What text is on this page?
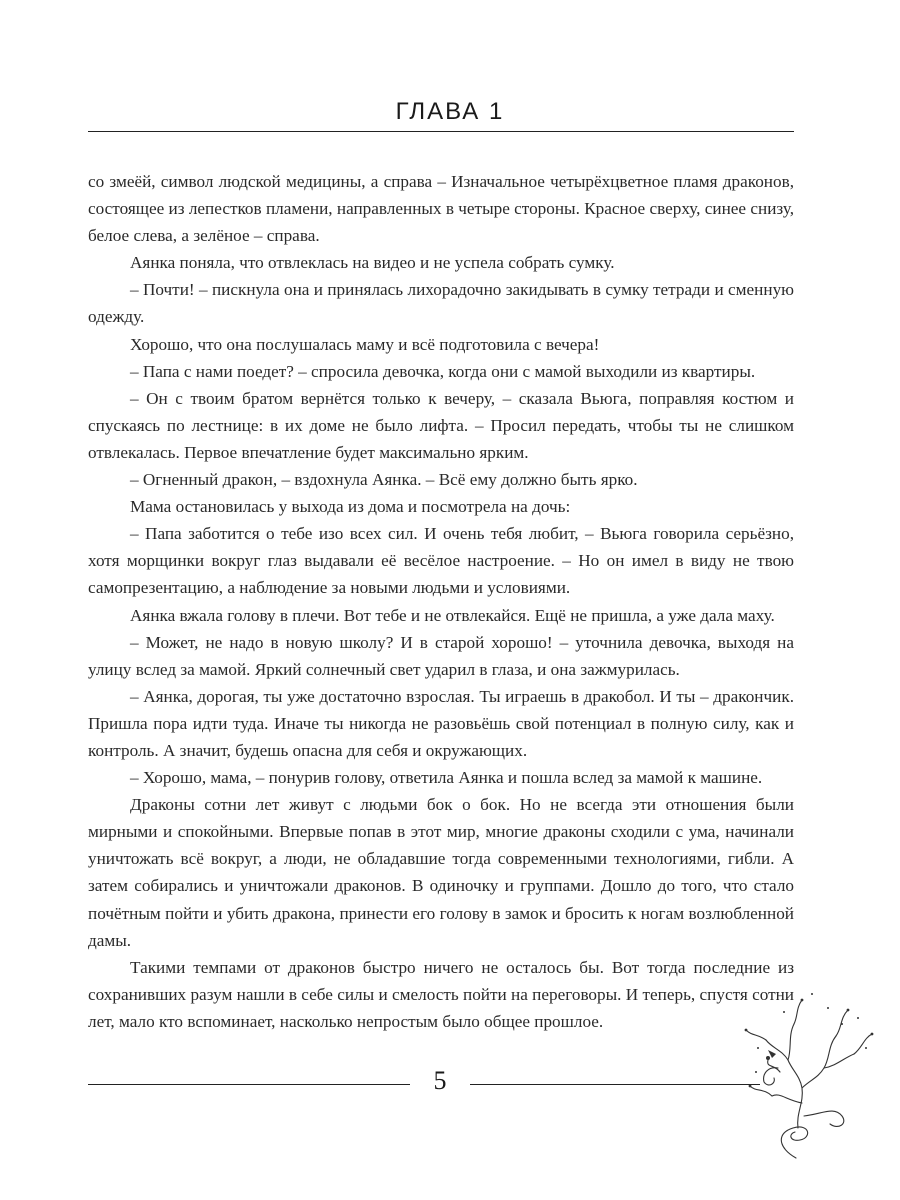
ГЛАВА 1

со змеёй, символ людской медицины, а справа – Изначальное четырёхцветное пламя драконов, состоящее из лепестков пламени, направленных в четыре стороны. Красное сверху, синее снизу, белое слева, а зелёное – справа.

Аянка поняла, что отвлеклась на видео и не успела собрать сумку.

– Почти! – пискнула она и принялась лихорадочно закидывать в сумку тетради и сменную одежду.

Хорошо, что она послушалась маму и всё подготовила с вечера!

– Папа с нами поедет? – спросила девочка, когда они с мамой выходили из квартиры.

– Он с твоим братом вернётся только к вечеру, – сказала Вьюга, поправляя костюм и спускаясь по лестнице: в их доме не было лифта. – Просил передать, чтобы ты не слишком отвлекалась. Первое впечатление будет максимально ярким.

– Огненный дракон, – вздохнула Аянка. – Всё ему должно быть ярко.

Мама остановилась у выхода из дома и посмотрела на дочь:

– Папа заботится о тебе изо всех сил. И очень тебя любит, – Вьюга говорила серьёзно, хотя морщинки вокруг глаз выдавали её весёлое настроение. – Но он имел в виду не твою самопрезентацию, а наблюдение за новыми людьми и условиями.

Аянка вжала голову в плечи. Вот тебе и не отвлекайся. Ещё не пришла, а уже дала маху.

– Может, не надо в новую школу? И в старой хорошо! – уточнила девочка, выходя на улицу вслед за мамой. Яркий солнечный свет ударил в глаза, и она зажмурилась.

– Аянка, дорогая, ты уже достаточно взрослая. Ты играешь в дракобол. И ты – дракончик. Пришла пора идти туда. Иначе ты никогда не разовьёшь свой потенциал в полную силу, как и контроль. А значит, будешь опасна для себя и окружающих.

– Хорошо, мама, – понурив голову, ответила Аянка и пошла вслед за мамой к машине.

Драконы сотни лет живут с людьми бок о бок. Но не всегда эти отношения были мирными и спокойными. Впервые попав в этот мир, многие драконы сходили с ума, начинали уничтожать всё вокруг, а люди, не обладавшие тогда современными технологиями, гибли. А затем собирались и уничтожали драконов. В одиночку и группами. Дошло до того, что стало почётным пойти и убить дракона, принести его голову в замок и бросить к ногам возлюбленной дамы.

Такими темпами от драконов быстро ничего не осталось бы. Вот тогда последние из сохранивших разум нашли в себе силы и смелость пойти на переговоры. И теперь, спустя сотни лет, мало кто вспоминает, насколько непростым было общее прошлое.

5
